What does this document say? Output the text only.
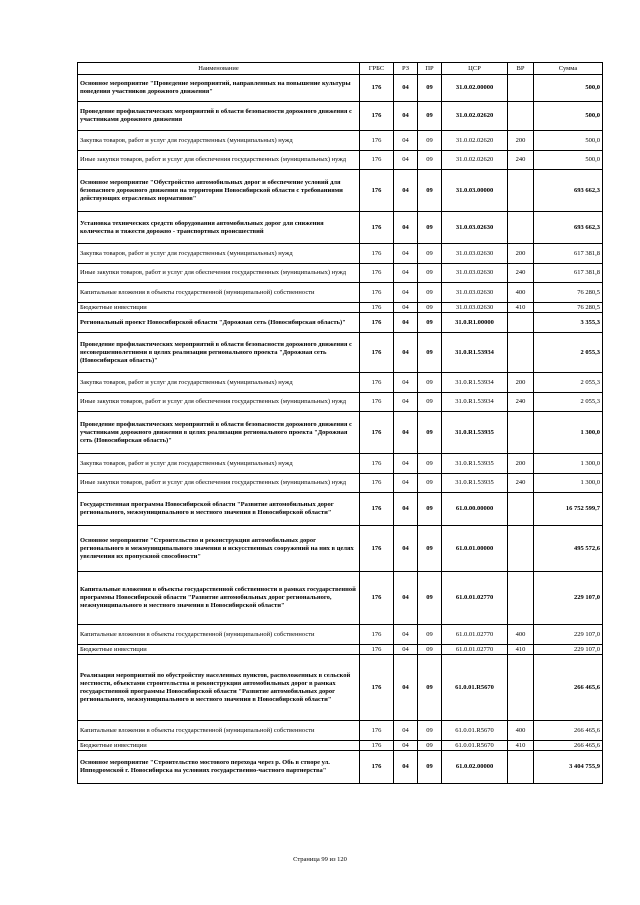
Наименование	ГРБС	РЗ	ПР	ЦСР	ВР	Сумма
Основное мероприятие "Проведение мероприятий, направленных на повышение культуры поведения участников дорожного движения"	176	04	09	31.0.02.00000		500,0
Проведение профилактических мероприятий в области безопасности дорожного движения с участниками дорожного движения	176	04	09	31.0.02.02620		500,0
Закупка товаров, работ и услуг для государственных (муниципальных) нужд	176	04	09	31.0.02.02620	200	500,0
Иные закупки товаров, работ и услуг для обеспечения государственных (муниципальных) нужд	176	04	09	31.0.02.02620	240	500,0
Основное мероприятие "Обустройство автомобильных дорог и обеспечение условий для безопасного дорожного движения на территории Новосибирской области с требованиями действующих отраслевых нормативов"	176	04	09	31.0.03.00000		693 662,3
Установка технических средств оборудования автомобильных дорог для снижения количества и тяжести дорожно - транспортных происшествий	176	04	09	31.0.03.02630		693 662,3
Закупка товаров, работ и услуг для государственных (муниципальных) нужд	176	04	09	31.0.03.02630	200	617 381,8
Иные закупки товаров, работ и услуг для обеспечения государственных (муниципальных) нужд	176	04	09	31.0.03.02630	240	617 381,8
Капитальные вложения в объекты государственной (муниципальной) собственности	176	04	09	31.0.03.02630	400	76 280,5
Бюджетные инвестиции	176	04	09	31.0.03.02630	410	76 280,5
Региональный проект Новосибирской области "Дорожная сеть (Новосибирская область)"	176	04	09	31.0.R1.00000		3 355,3
Проведение профилактических мероприятий в области безопасности дорожного движения с несовершеннолетними в целях реализации регионального проекта "Дорожная сеть (Новосибирская область)"	176	04	09	31.0.R1.53934		2 055,3
Закупка товаров, работ и услуг для государственных (муниципальных) нужд	176	04	09	31.0.R1.53934	200	2 055,3
Иные закупки товаров, работ и услуг для обеспечения государственных (муниципальных) нужд	176	04	09	31.0.R1.53934	240	2 055,3
Проведение профилактических мероприятий в области безопасности дорожного движения с участниками дорожного движения в целях реализации регионального проекта "Дорожная сеть (Новосибирская область)"	176	04	09	31.0.R1.53935		1 300,0
Закупка товаров, работ и услуг для государственных (муниципальных) нужд	176	04	09	31.0.R1.53935	200	1 300,0
Иные закупки товаров, работ и услуг для обеспечения государственных (муниципальных) нужд	176	04	09	31.0.R1.53935	240	1 300,0
Государственная программа Новосибирской области "Развитие автомобильных дорог регионального, межмуниципального и местного значения в Новосибирской области"	176	04	09	61.0.00.00000		16 752 599,7
Основное мероприятие "Строительство и реконструкция автомобильных дорог регионального и межмуниципального значения и искусственных сооружений на них в целях увеличения их пропускной способности"	176	04	09	61.0.01.00000		495 572,6
Капитальные вложения в объекты государственной собственности в рамках государственной программы Новосибирской области "Развитие автомобильных дорог регионального, межмуниципального и местного значения в Новосибирской области"	176	04	09	61.0.01.02770		229 107,0
Капитальные вложения в объекты государственной (муниципальной) собственности	176	04	09	61.0.01.02770	400	229 107,0
Бюджетные инвестиции	176	04	09	61.0.01.02770	410	229 107,0
Реализация мероприятий по обустройству населенных пунктов, расположенных в сельской местности, объектами строительства и реконструкция автомобильных дорог в рамках государственной программы Новосибирской области "Развитие автомобильных дорог регионального, межмуниципального и местного значения в Новосибирской области"	176	04	09	61.0.01.R5670		266 465,6
Капитальные вложения в объекты государственной (муниципальной) собственности	176	04	09	61.0.01.R5670	400	266 465,6
Бюджетные инвестиции	176	04	09	61.0.01.R5670	410	266 465,6
Основное мероприятие "Строительство мостового перехода через р. Обь в створе ул. Ипподромской г. Новосибирска на условиях государственно-частного партнерства"	176	04	09	61.0.02.00000		3 404 755,9
Страница 99 из 120
